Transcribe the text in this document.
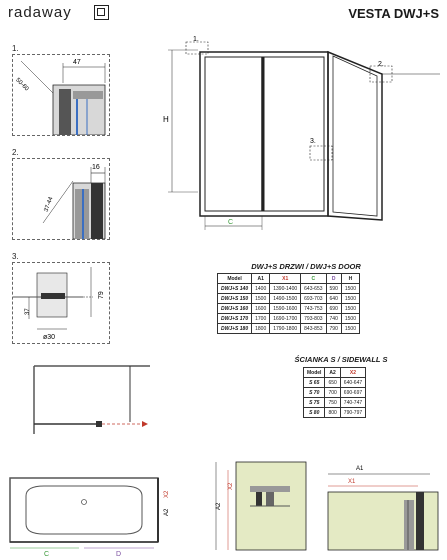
radaway	VESTA DWJ+S
1.
47
50-60
2.
16
37-44
3.
79
37
ø30
H
1.
2.
3.
C
DWJ+S DRZWI / DWJ+S DOOR
Model	A1	X1	C	D	H
DWJ+S 140	1400	1390-1400	643-653	590	1500
DWJ+S 150	1500	1490-1500	693-703	640	1500
DWJ+S 160	1600	1590-1600	743-753	690	1500
DWJ+S 170	1700	1690-1700	793-803	740	1500
DWJ+S 180	1800	1790-1800	843-853	790	1500
ŚCIANKA S / SIDEWALL S
Model	A2	X2
S 65	650	640-647
S 70	700	690-697
S 75	750	740-747
S 80	800	790-797
C	D
A2
X2
A2
X2
A1
X1
